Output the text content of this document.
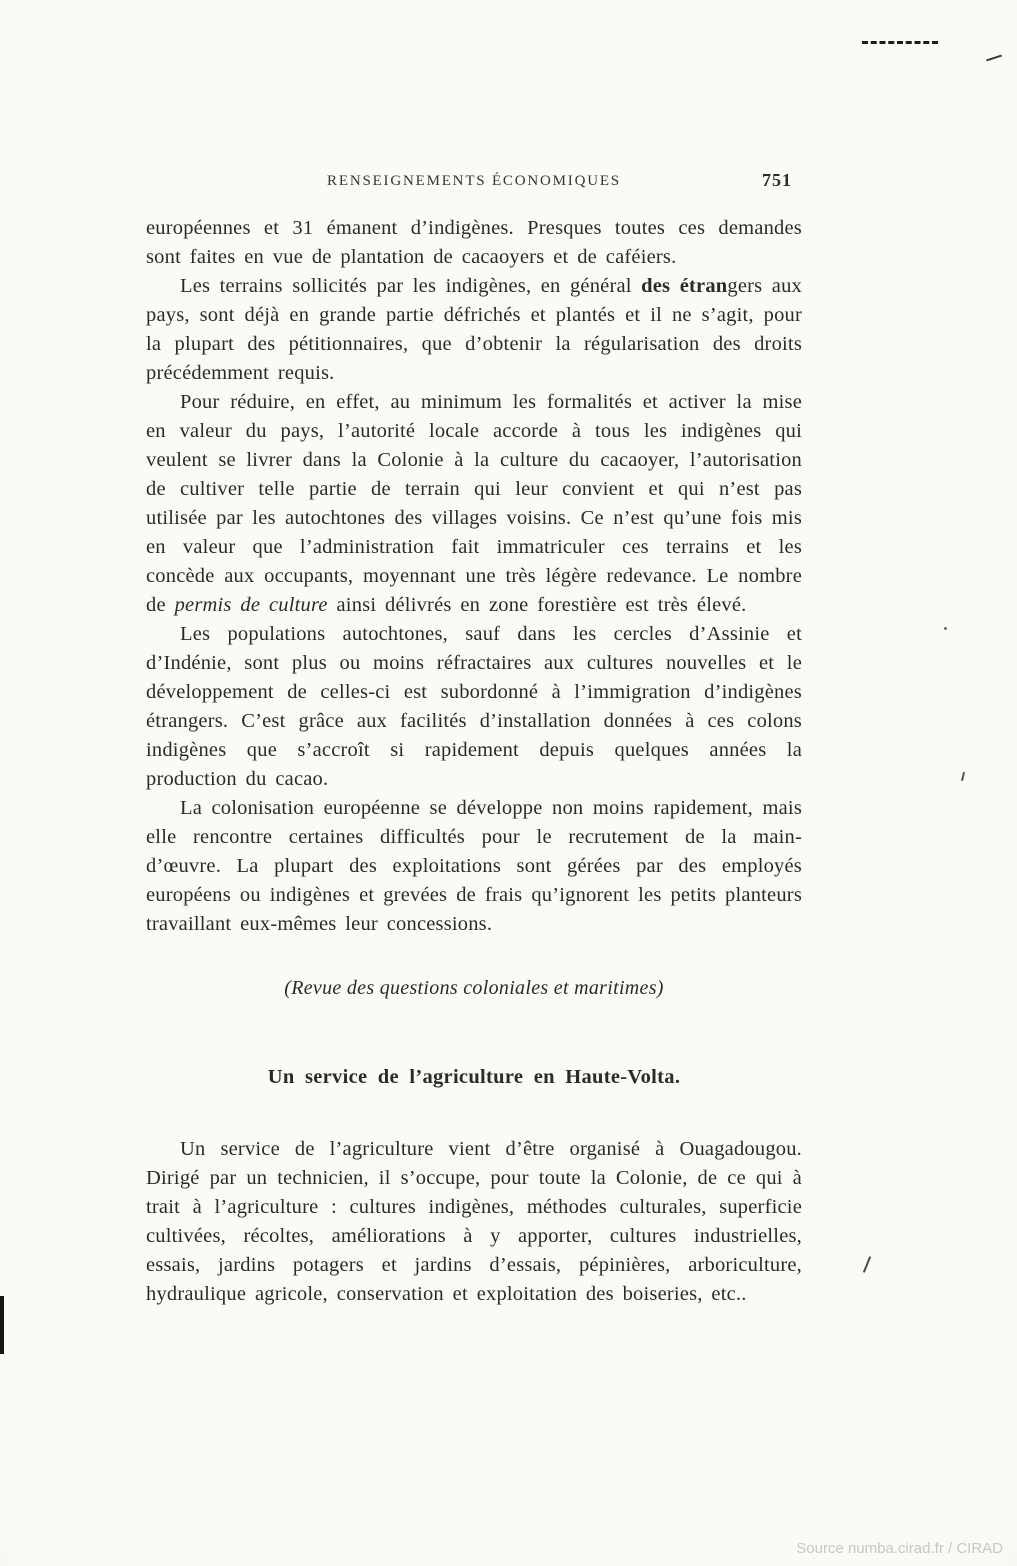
RENSEIGNEMENTS ÉCONOMIQUES	751

européennes et 31 émanent d’indigènes. Presques toutes ces demandes sont faites en vue de plantation de cacaoyers et de caféiers.

Les terrains sollicités par les indigènes, en général des étrangers aux pays, sont déjà en grande partie défrichés et plantés et il ne s’agit, pour la plupart des pétitionnaires, que d’obtenir la régularisation des droits précédemment requis.

Pour réduire, en effet, au minimum les formalités et activer la mise en valeur du pays, l’autorité locale accorde à tous les indigènes qui veulent se livrer dans la Colonie à la culture du cacaoyer, l’autorisation de cultiver telle partie de terrain qui leur convient et qui n’est pas utilisée par les autochtones des villages voisins. Ce n’est qu’une fois mis en valeur que l’administration fait immatriculer ces terrains et les concède aux occupants, moyennant une très légère redevance. Le nombre de permis de culture ainsi délivrés en zone forestière est très élevé.

Les populations autochtones, sauf dans les cercles d’Assinie et d’Indénie, sont plus ou moins réfractaires aux cultures nouvelles et le développement de celles-ci est subordonné à l’immigration d’indigènes étrangers. C’est grâce aux facilités d’installation données à ces colons indigènes que s’accroît si rapidement depuis quelques années la production du cacao.

La colonisation européenne se développe non moins rapidement, mais elle rencontre certaines difficultés pour le recrutement de la main-d’œuvre. La plupart des exploitations sont gérées par des employés européens ou indigènes et grevées de frais qu’ignorent les petits planteurs travaillant eux-mêmes leur concessions.

(Revue des questions coloniales et maritimes)

Un service de l’agriculture en Haute-Volta.

Un service de l’agriculture vient d’être organisé à Ouagadougou. Dirigé par un technicien, il s’occupe, pour toute la Colonie, de ce qui à trait à l’agriculture : cultures indigènes, méthodes culturales, superficie cultivées, récoltes, améliorations à y apporter, cultures industrielles, essais, jardins potagers et jardins d’essais, pépinières, arboriculture, hydraulique agricole, conservation et exploitation des boiseries, etc..

Source numba.cirad.fr / CIRAD
